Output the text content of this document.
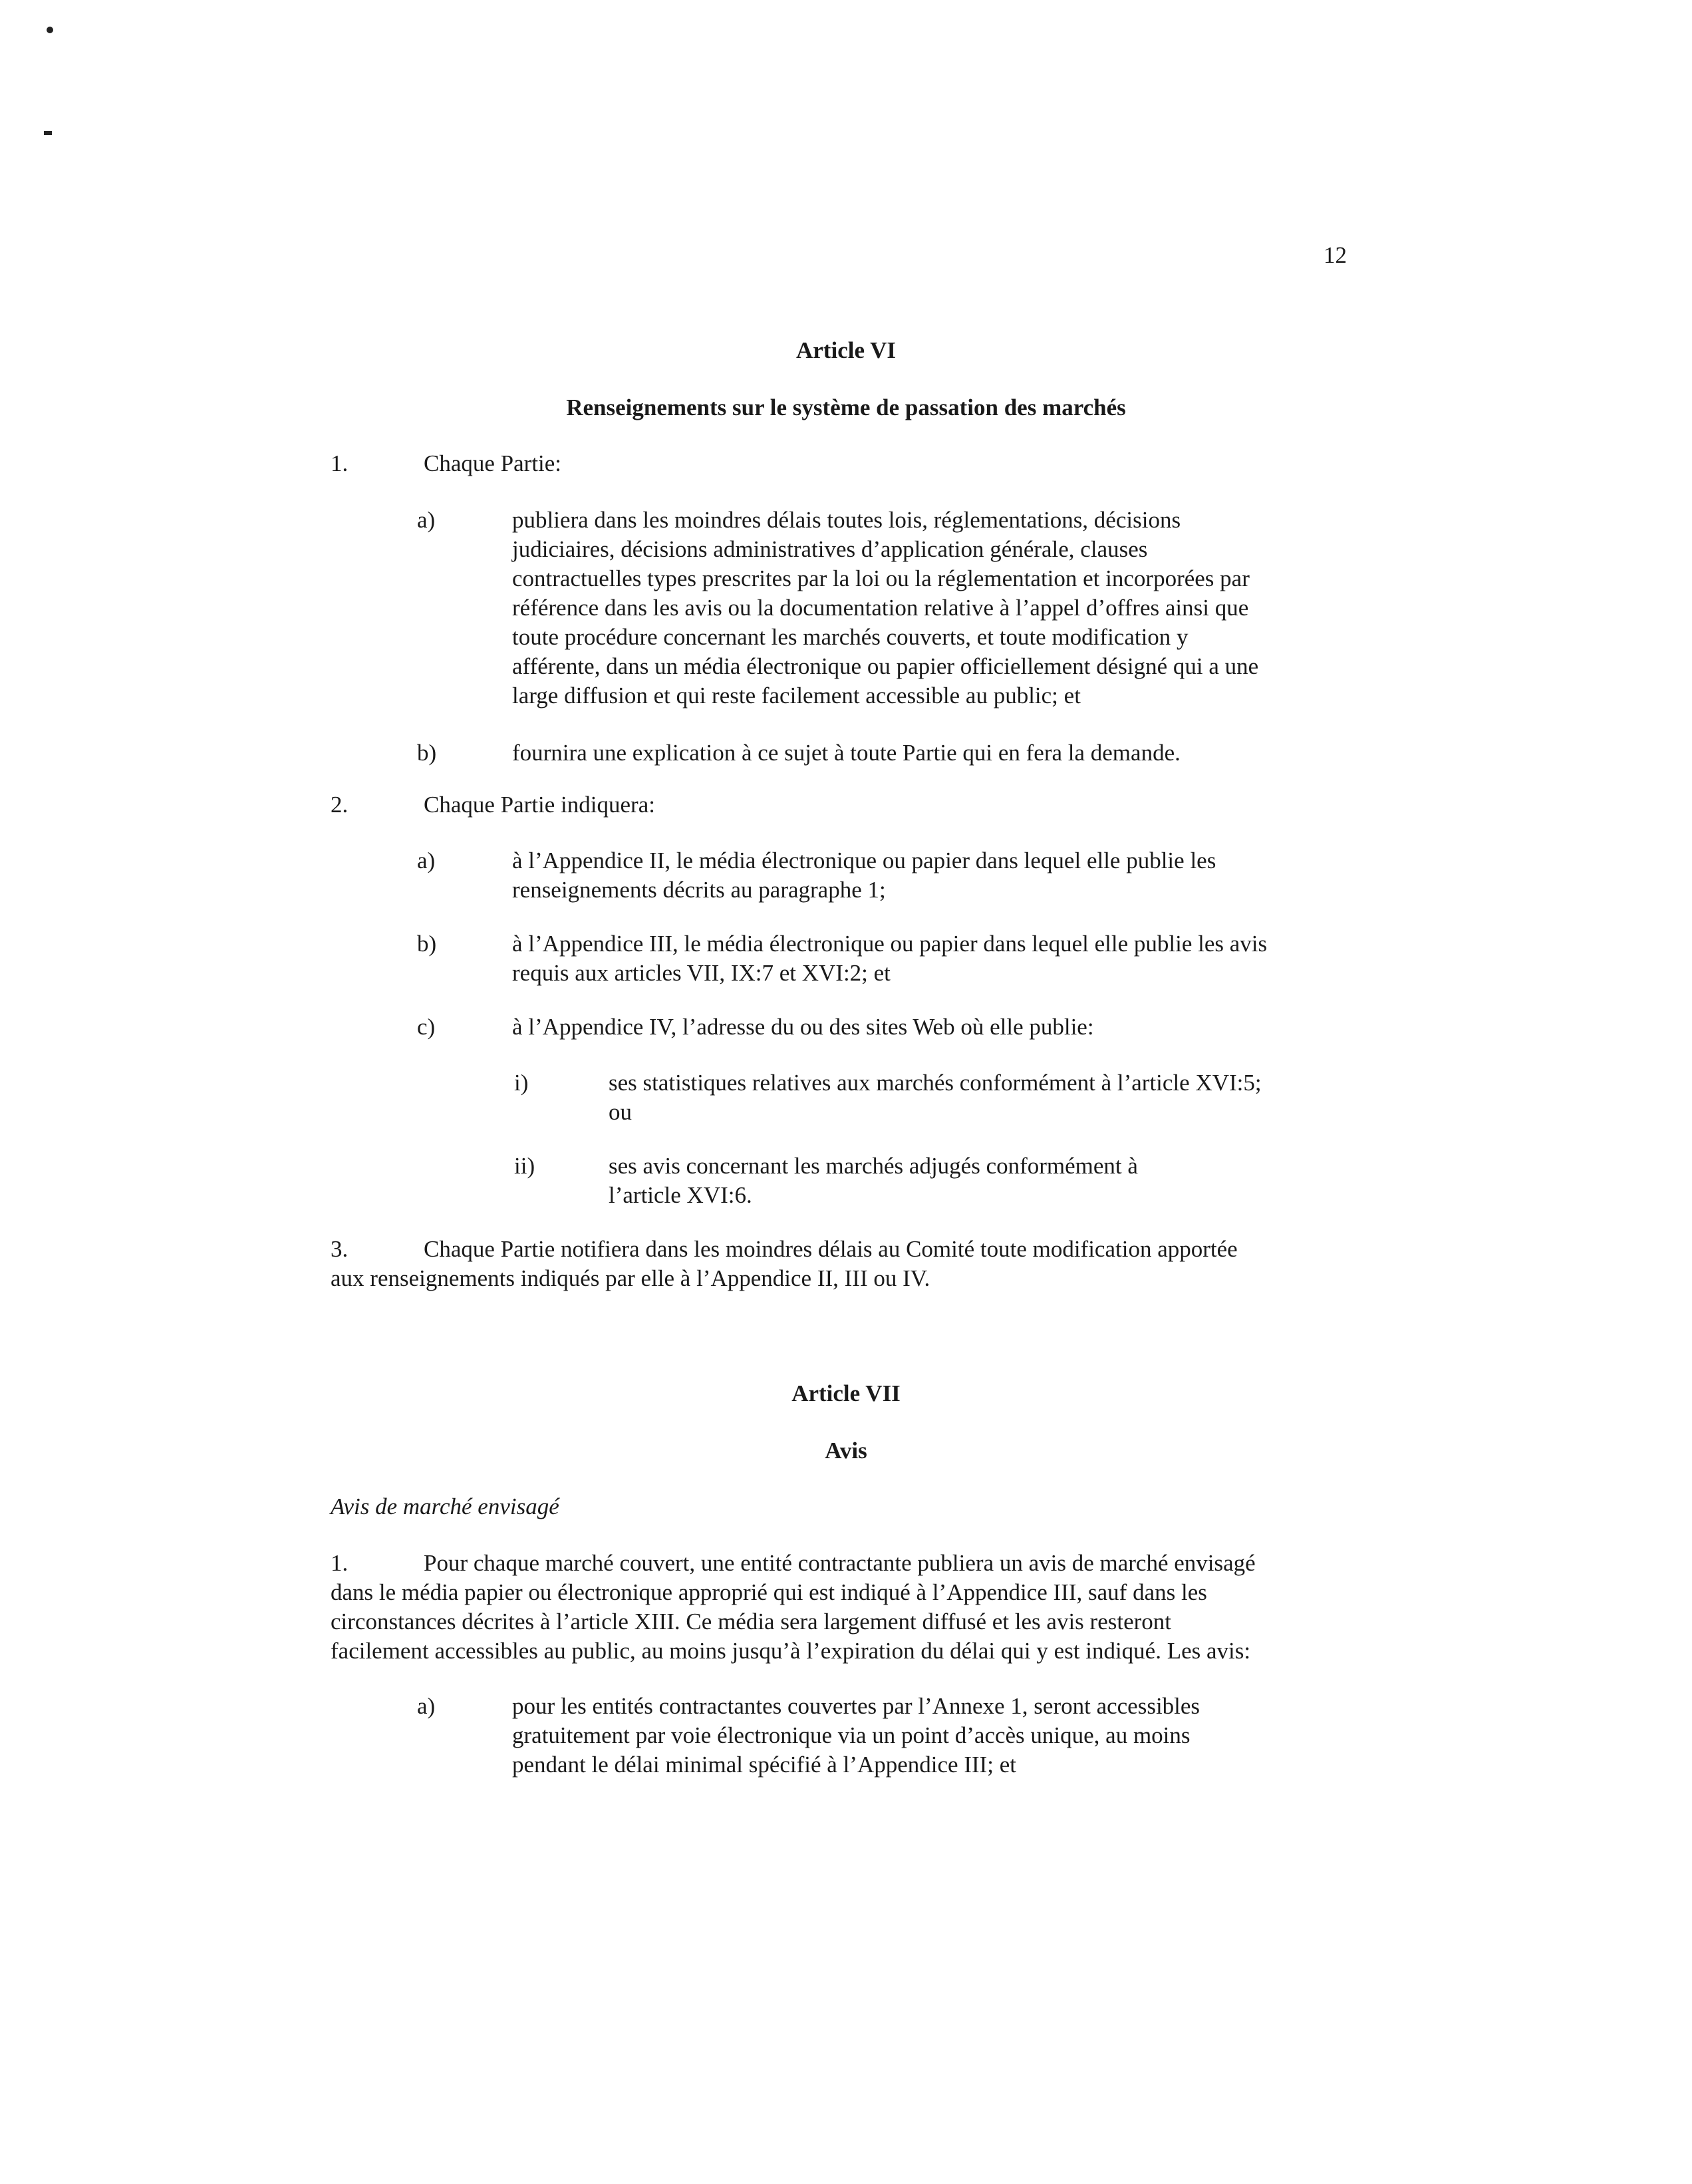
12
Article VI
Renseignements sur le système de passation des marchés
1.	Chaque Partie:
a)	publiera dans les moindres délais toutes lois, réglementations, décisions
judiciaires, décisions administratives d’application générale, clauses
contractuelles types prescrites par la loi ou la réglementation et incorporées par
référence dans les avis ou la documentation relative à l’appel d’offres ainsi que
toute procédure concernant les marchés couverts, et toute modification y
afférente, dans un média électronique ou papier officiellement désigné qui a une
large diffusion et qui reste facilement accessible au public; et
b)	fournira une explication à ce sujet à toute Partie qui en fera la demande.
2.	Chaque Partie indiquera:
a)	à l’Appendice II, le média électronique ou papier dans lequel elle publie les
renseignements décrits au paragraphe 1;
b)	à l’Appendice III, le média électronique ou papier dans lequel elle publie les avis
requis aux articles VII, IX:7 et XVI:2; et
c)	à l’Appendice IV, l’adresse du ou des sites Web où elle publie:
i)	ses statistiques relatives aux marchés conformément à l’article XVI:5;
ou
ii)	ses avis concernant les marchés adjugés conformément à
l’article XVI:6.
3.	Chaque Partie notifiera dans les moindres délais au Comité toute modification apportée
aux renseignements indiqués par elle à l’Appendice II, III ou IV.
Article VII
Avis
Avis de marché envisagé
1.	Pour chaque marché couvert, une entité contractante publiera un avis de marché envisagé
dans le média papier ou électronique approprié qui est indiqué à l’Appendice III, sauf dans les
circonstances décrites à l’article XIII. Ce média sera largement diffusé et les avis resteront
facilement accessibles au public, au moins jusqu’à l’expiration du délai qui y est indiqué. Les avis:
a)	pour les entités contractantes couvertes par l’Annexe 1, seront accessibles
gratuitement par voie électronique via un point d’accès unique, au moins
pendant le délai minimal spécifié à l’Appendice III; et
